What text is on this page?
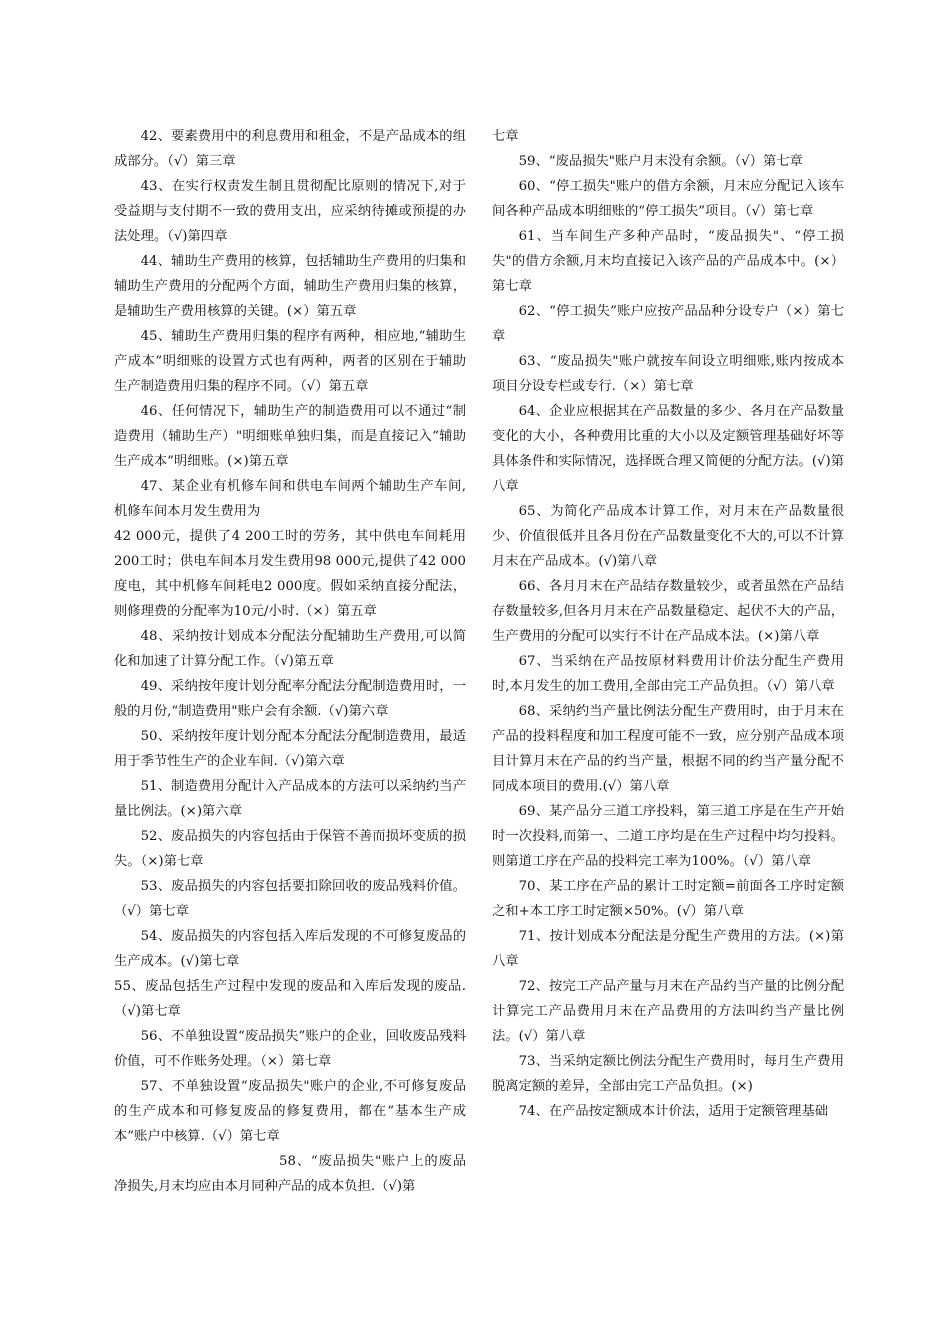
42、要素费用中的利息费用和租金，不是产品成本的组成部分。（√）第三章

43、在实行权责发生制且贯彻配比原则的情况下,对于受益期与支付期不一致的费用支出，应采纳待摊或预提的办法处理。（√)第四章

44、辅助生产费用的核算，包括辅助生产费用的归集和辅助生产费用的分配两个方面，辅助生产费用归集的核算，是辅助生产费用核算的关键。(×）第五章

45、辅助生产费用归集的程序有两种，相应地,“辅助生产成本”明细账的设置方式也有两种，两者的区别在于辅助生产制造费用归集的程序不同。（√）第五章

46、任何情况下，辅助生产的制造费用可以不通过“制造费用（辅助生产）"明细账单独归集，而是直接记入“辅助生产成本”明细账。(×)第五章

47、某企业有机修车间和供电车间两个辅助生产车间,机修车间本月发生费用为

42 000元，提供了4 200工时的劳务，其中供电车间耗用200工时；供电车间本月发生费用98 000元,提供了42 000度电，其中机修车间耗电2 000度。假如采纳直接分配法，则修理费的分配率为10元/小时.（×）第五章

48、采纳按计划成本分配法分配辅助生产费用,可以简化和加速了计算分配工作。（√)第五章

49、采纳按年度计划分配率分配法分配制造费用时，一般的月份,“制造费用"账户会有余额.（√)第六章

50、采纳按年度计划分配本分配法分配制造费用，最适用于季节性生产的企业车间.（√)第六章

51、制造费用分配计入产品成本的方法可以采纳约当产量比例法。(×)第六章

52、废品损失的内容包括由于保管不善而损坏变质的损失。（×)第七章

53、废品损失的内容包括要扣除回收的废品残料价值。（√）第七章

54、废品损失的内容包括入库后发现的不可修复废品的生产成本。(√)第七章

55、废品包括生产过程中发现的废品和入库后发现的废品.（√)第七章

56、不单独设置“废品损失”账户的企业，回收废品残料价值，可不作账务处理。（×）第七章

57、不单独设置“废品损失"账户的企业,不可修复废品的生产成本和可修复废品的修复费用，都在“基本生产成本”账户中核算.（√）第七章

58、“废品损失"账户上的废品净损失,月末均应由本月同种产品的成本负担.（√)第

七章

59、“废品损失"账户月末没有余额。（√）第七章

60、“停工损失"账户的借方余额，月末应分配记入该车间各种产品成本明细账的“停工损失”项目。（√）第七章

61、当车间生产多种产品时，“废品损失"、“停工损失"的借方余额,月末均直接记入该产品的产品成本中。(×）第七章

62、“停工损失”账户应按产品品种分设专户（×）第七章

63、“废品损失"账户就按车间设立明细账,账内按成本项目分设专栏或专行.（×）第七章

64、企业应根据其在产品数量的多少、各月在产品数量变化的大小，各种费用比重的大小以及定额管理基础好坏等具体条件和实际情况，选择既合理又简便的分配方法。(√)第八章

65、为简化产品成本计算工作，对月末在产品数量很少、价值很低并且各月份在产品数量变化不大的,可以不计算月末在产品成本。(√)第八章

66、各月月末在产品结存数量较少，或者虽然在产品结存数量较多,但各月月末在产品数量稳定、起伏不大的产品，生产费用的分配可以实行不计在产品成本法。(×)第八章

67、当采纳在产品按原材料费用计价法分配生产费用时,本月发生的加工费用,全部由完工产品负担。（√）第八章

68、采纳约当产量比例法分配生产费用时，由于月末在产品的投料程度和加工程度可能不一致，应分别产品成本项目计算月末在产品的约当产量，根据不同的约当产量分配不同成本项目的费用.(√）第八章

69、某产品分三道工序投料，第三道工序是在生产开始时一次投料,而第一、二道工序均是在生产过程中均匀投料。则第道工序在产品的投料完工率为100%。（√）第八章

70、某工序在产品的累计工时定额=前面各工序时定额之和+本工序工时定额×50%。(√）第八章

71、按计划成本分配法是分配生产费用的方法。(×)第八章

72、按完工产品产量与月末在产品约当产量的比例分配计算完工产品费用月末在产品费用的方法叫约当产量比例法。(√）第八章

73、当采纳定额比例法分配生产费用时，每月生产费用脱离定额的差异，全部由完工产品负担。(×)

74、在产品按定额成本计价法，适用于定额管理基础
